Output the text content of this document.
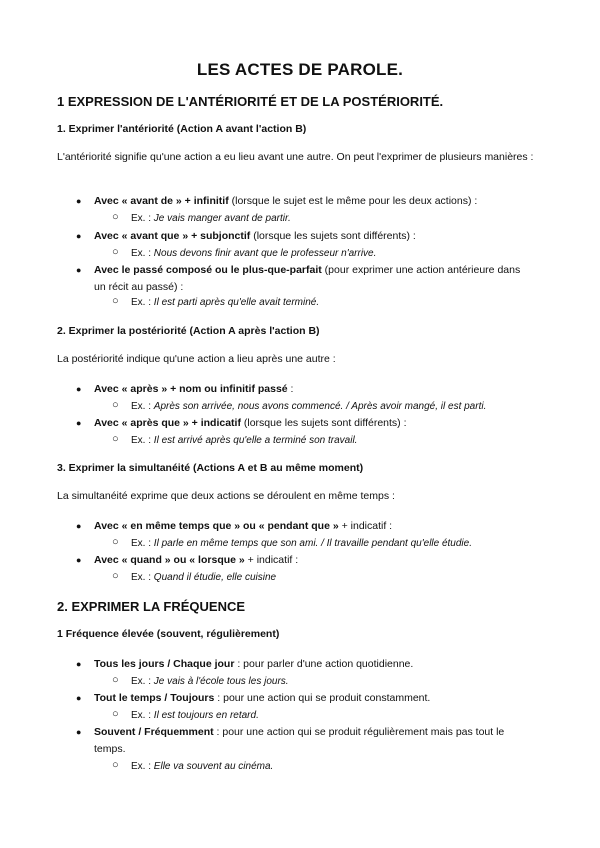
LES ACTES DE PAROLE.
1 EXPRESSION DE L'ANTÉRIORITÉ ET DE LA POSTÉRIORITÉ.
1. Exprimer l'antériorité (Action A avant l'action B)
L'antériorité signifie qu'une action a eu lieu avant une autre. On peut l'exprimer de plusieurs manières :
● Avec « avant de » + infinitif (lorsque le sujet est le même pour les deux actions) :
○ Ex. : Je vais manger avant de partir.
● Avec « avant que » + subjonctif (lorsque les sujets sont différents) :
○ Ex. : Nous devons finir avant que le professeur n'arrive.
● Avec le passé composé ou le plus-que-parfait (pour exprimer une action antérieure dans un récit au passé) :
○ Ex. : Il est parti après qu'elle avait terminé.
2. Exprimer la postériorité (Action A après l'action B)
La postériorité indique qu'une action a lieu après une autre :
● Avec « après » + nom ou infinitif passé :
○ Ex. : Après son arrivée, nous avons commencé. / Après avoir mangé, il est parti.
● Avec « après que » + indicatif (lorsque les sujets sont différents) :
○ Ex. : Il est arrivé après qu'elle a terminé son travail.
3. Exprimer la simultanéité (Actions A et B au même moment)
La simultanéité exprime que deux actions se déroulent en même temps :
● Avec « en même temps que » ou « pendant que » + indicatif :
○ Ex. : Il parle en même temps que son ami. / Il travaille pendant qu'elle étudie.
● Avec « quand » ou « lorsque » + indicatif :
○ Ex. : Quand il étudie, elle cuisine
2. EXPRIMER LA FRÉQUENCE
1 Fréquence élevée (souvent, régulièrement)
● Tous les jours / Chaque jour : pour parler d'une action quotidienne.
○ Ex. : Je vais à l'école tous les jours.
● Tout le temps / Toujours : pour une action qui se produit constamment.
○ Ex. : Il est toujours en retard.
● Souvent / Fréquemment : pour une action qui se produit régulièrement mais pas tout le temps.
○ Ex. : Elle va souvent au cinéma.
